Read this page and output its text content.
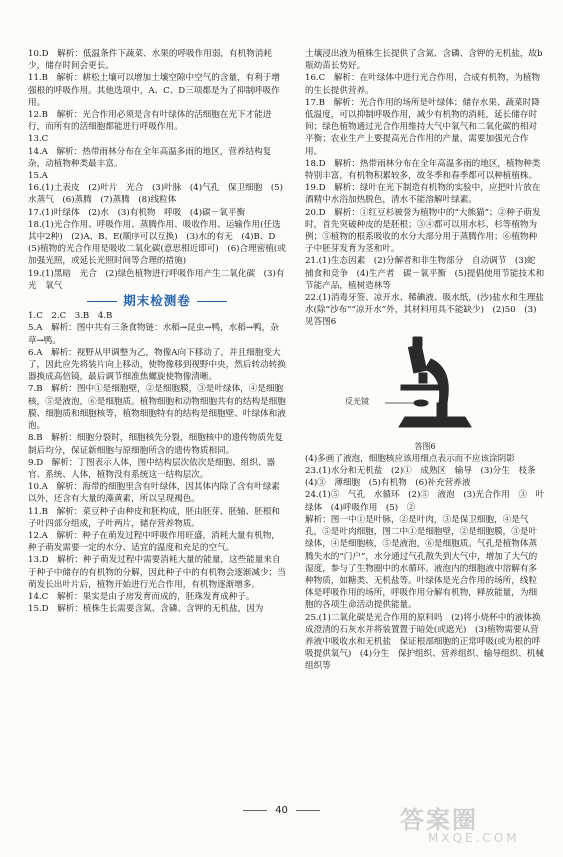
10.D　解析：低温条件下蔬菜、水果的呼吸作用弱，有机物消耗少，储存时间会更长。

11.B　解析：耕松土壤可以增加土壤空隙中空气的含量，有利于增强根的呼吸作用。其他选项中，A、C、D三项都是为了抑制呼吸作用。

12.B　解析：光合作用必须是含有叶绿体的活细胞在光下才能进行，而所有的活细胞都能进行呼吸作用。

13.C

14.A　解析：热带雨林分布在全年高温多雨的地区，营养结构复杂，动植物种类最丰富。

15.A

16.(1)土表皮　(2)叶片　光合　(3)叶脉　(4)气孔　保卫细胞　(5)水蒸气　(6)蒸腾　(7)蒸腾　(8)线粒体

17.(1)叶绿体　(2)水　(3)有机物　呼吸　(4)碳－氧平衡

18.(1)光合作用、呼吸作用、蒸腾作用、吸收作用、运输作用(任选其中2种)　(2)A、B、E(顺序可以互换)　(3)水的有无　(4)B、D　(5)植物的光合作用是吸收二氧化碳(意思相近即可)　(6)合理密植(或加强光照，或延长光照时间等合理的措施)

19.(1)黑暗　光合　(2)绿色植物进行呼吸作用产生二氧化碳　(3)有光　氧气

期末检测卷

1.C　2.C　3.B　4.B

5.A　解析：图中共有三条食物链：水稻→昆虫→鸭，水稻→鸭，杂草→鸭。

6.A　解析：视野从甲调整为乙，物像A向下移动了，并且细胞变大了，因此应先将装片向上移动，使物像移到视野中央，然后转动转换器换成高倍镜，最后调节细准焦螺旋使物像清晰。

7.B　解析：图中①是细胞壁，②是细胞膜，③是叶绿体，④是细胞核，⑤是液泡，⑥是细胞质。植物细胞和动物细胞共有的结构是细胞膜、细胞质和细胞核等，植物细胞特有的结构是细胞壁、叶绿体和液泡。

8.B　解析：细胞分裂时，细胞核先分裂，细胞核中的遗传物质先复制后均分，保证新细胞与原细胞所含的遗传物质相同。

9.D　解析：丁图表示人体，图中结构层次依次是细胞、组织、器官、系统、人体，植物没有系统这一结构层次。

10.A　解析：海带的细胞里含有叶绿体，因其体内除了含有叶绿素以外，还含有大量的藻黄素，所以呈现褐色。

11.B　解析：菜豆种子由种皮和胚构成，胚由胚芽、胚轴、胚根和子叶四部分组成，子叶两片，储存营养物质。

12.A　解析：种子在萌发过程中呼吸作用旺盛，消耗大量有机物，种子萌发需要一定的水分、适宜的温度和充足的空气。

13.D　解析：种子萌发过程中需要消耗大量的能量，这些能量来自于种子中储存的有机物的分解，因此种子中的有机物会逐渐减少；当萌发长出叶片后，植物开始进行光合作用，有机物逐渐增多。

14.C　解析：果实是由子房发育而成的，胚珠发育成种子。

15.D　解析：植株生长需要含氮、含磷、含钾的无机盐，因为

土壤浸出液为植株生长提供了含氮、含磷、含钾的无机盐，故b瓶幼苗长势好。

16.C　解析：在叶绿体中进行光合作用，合成有机物，为植物的生长提供营养。

17.B　解析：光合作用的场所是叶绿体；储存水果、蔬菜时降低温度，可以抑制呼吸作用，减少有机物的消耗，延长储存时间；绿色植物通过光合作用维持大气中氧气和二氧化碳的相对平衡；农业生产上要提高光合作用的产量，需要加强光合作用。

18.D　解析：热带雨林分布在全年高温多雨的地区，植物种类特别丰富，有机物积累较多，故冬季和春季都可以种植植株。

19.D　解析：绿叶在光下制造有机物的实验中，应把叶片放在酒精中水浴加热脱色，清水不能溶解叶绿素。

20.D　解析：①红豆杉被誉为植物中的“大熊猫”；②种子萌发时，首先突破种皮的是胚根；③④都可以用水杉、杉等植物为例；⑤植物的根系吸收的水分大部分用于蒸腾作用；⑥植物种子中胚芽发育为茎和叶。

21.(1)生态因素　(2)分解者和非生物部分　自动调节　(3)蛇　捕食和竞争　(4)生产者　碳－氧平衡　(5)提倡使用节能技术和节能产品，植树造林等

22.(1)消毒牙签、凉开水、稀碘液、吸水纸，(沙)盐水和生理盐水(除“沙布”“凉开水”外，其材料用具不能缺少)　(2)50　(3)见答图6

反光镜
答图6

(4)多画了液泡，细胞核应该用细点表示而不应该涂阴影

23.(1)水分和无机盐　(2)①　成熟区　输导　(3)分生　枝条　(4)③　薄细胞　(5)有机物　(6)补充营养液

24.(1)⑤　气孔　水循环　(2)⑤　液泡　(3)光合作用　③　叶绿体　(4)呼吸作用　(5)　②

解析：图一中①是叶脉，②是叶肉，③是保卫细胞，④是气孔，⑤是叶肉细胞，图二中①是细胞壁，②是细胞膜，③是叶绿体，④是细胞核，⑤是液泡，⑥是细胞质。气孔是植物体蒸腾失水的“门户”，水分通过气孔散失到大气中，增加了大气的湿度，参与了生物圈中的水循环。液泡内的细胞液中溶解有多种物质，如糖类、无机盐等。叶绿体是光合作用的场所，线粒体是呼吸作用的场所，呼吸作用分解有机物，释放能量，为细胞的各项生命活动提供能量。

25.(1)二氧化碳是光合作用的原料吗　(2)将小烧杯中的液体换成澄清的石灰水并将装置置于暗处(或遮光)　(3)植物需要从营养液中吸收水和无机盐　保证根部细胞的正常呼吸(或为根的呼吸提供氧气)　(4)分生　保护组织、营养组织、输导组织、机械组织等

40	答案圈
MXQE.COM
